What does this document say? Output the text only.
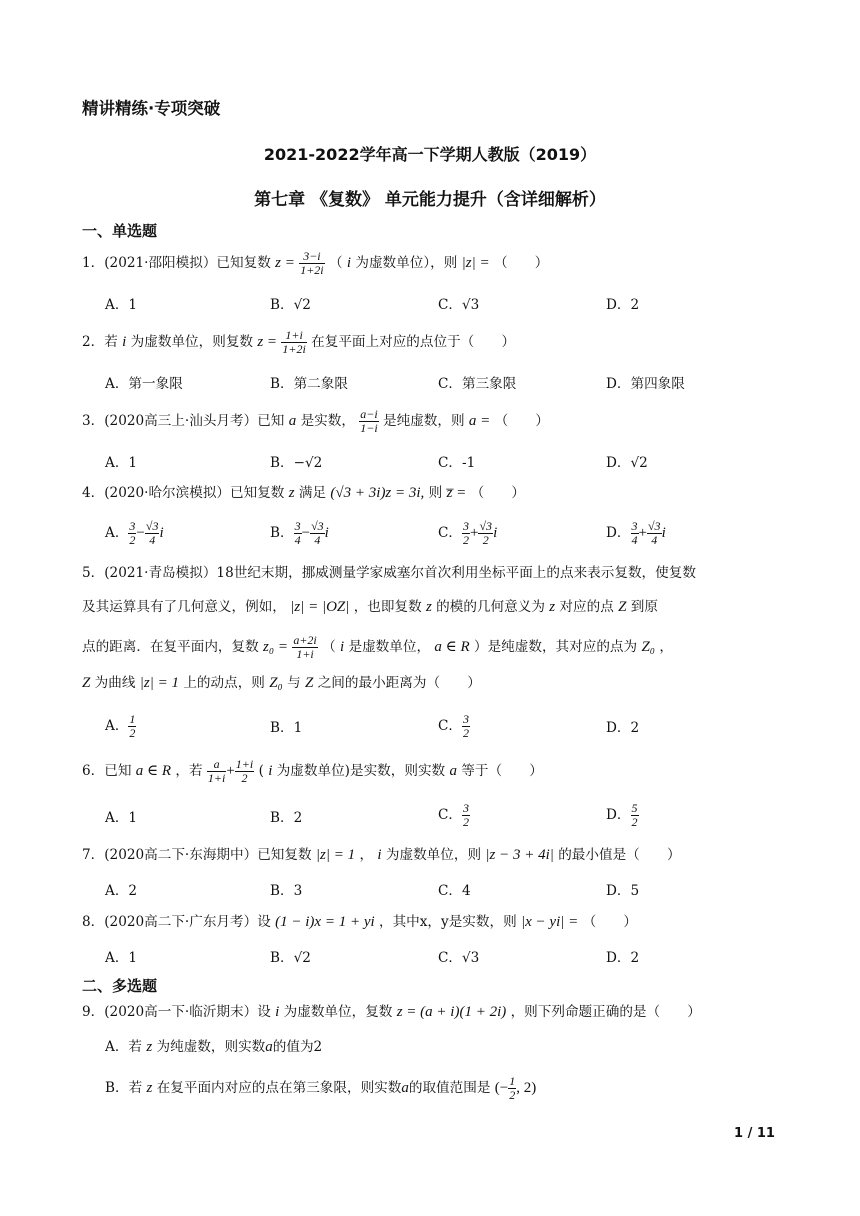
精讲精练·专项突破
2021-2022学年高一下学期人教版（2019）
第七章 《复数》 单元能力提升（含详细解析）
一、单选题
1．(2021·邵阳模拟）已知复数 $z = \frac{3-i}{1+2i}$ （ i 为虚数单位），则 |z| = （　　）
A．1	B．√2	C．√3	D．2
2．若 i 为虚数单位，则复数 $z = \frac{1+i}{1+2i}$ 在复平面上对应的点位于（　　）
A．第一象限	B．第二象限	C．第三象限	D．第四象限
3．(2020高三上·汕头月考）已知 a 是实数， $\frac{a-i}{1-i}$ 是纯虚数，则 a = （　　）
A．1	B．−√2	C．-1	D．√2
4．(2020·哈尔滨模拟）已知复数 z 满足 (√3 + 3i)z = 3i, 则 z̅ = （　　）
A． $\frac{3}{2} - \frac{√3}{4}$ i	B． $\frac{3}{4} - \frac{√3}{4}$ i	C． $\frac{3}{2} + \frac{√3}{2}$ i	D． $\frac{3}{4} + \frac{√3}{4}$ i
5．(2021·青岛模拟）18世纪末期，挪威测量学家威塞尔首次利用坐标平面上的点来表示复数，使复数
及其运算具有了几何意义，例如， |z| = |OZ| ，也即复数 z 的模的几何意义为 z 对应的点 Z 到原
点的距离．在复平面内，复数 $z_0 = \frac{a+2i}{1+i}$ （ i 是虚数单位， a ∈ R ）是纯虚数，其对应的点为 Z₀ ，
Z 为曲线 |z| = 1 上的动点，则 Z₀ 与 Z 之间的最小距离为（　　）
A． $\frac{1}{2}$	B．1	C． $\frac{3}{2}$	D．2
6．已知 a ∈ R ，若 $\frac{a}{1+i} + \frac{1+i}{2}$ ( i 为虚数单位)是实数，则实数 a 等于（　　）
A．1	B．2	C． $\frac{3}{2}$	D． $\frac{5}{2}$
7．(2020高二下·东海期中）已知复数 |z| = 1 ， i 为虚数单位，则 |z − 3 + 4i| 的最小值是（　　）
A．2	B．3	C．4	D．5
8．(2020高二下·广东月考）设 (1 − i)x = 1 + yi ，其中x，y是实数，则 |x − yi| = （　　）
A．1	B．√2	C．√3	D．2
二、多选题
9．(2020高一下·临沂期末）设 i 为虚数单位，复数 z = (a + i)(1 + 2i) ，则下列命题正确的是（　　）
A．若 z 为纯虚数，则实数a的值为2
B．若 z 在复平面内对应的点在第三象限，则实数a的取值范围是 (− $\frac{1}{2}$ , 2)
1 / 11
